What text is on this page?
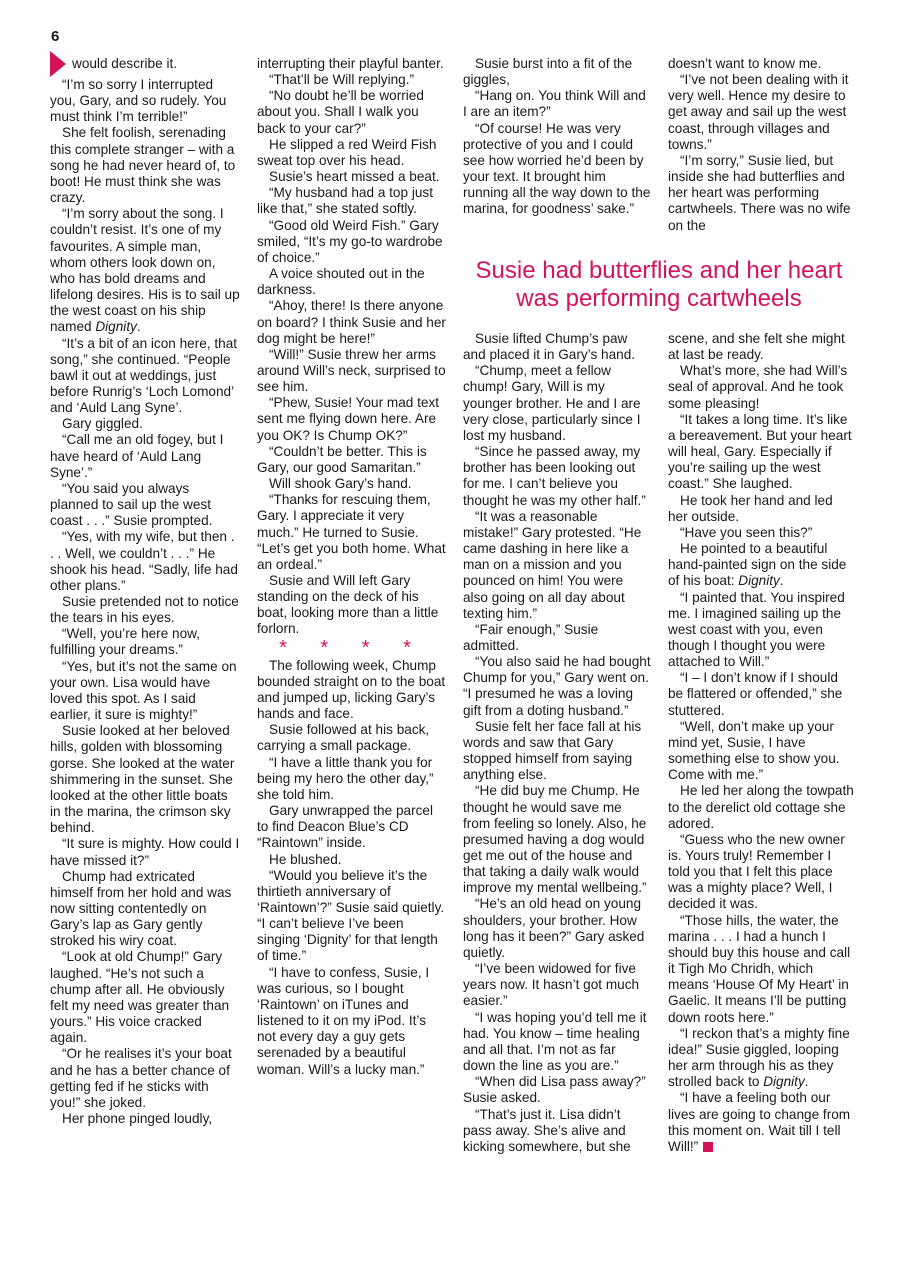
6

would describe it.

“I’m so sorry I interrupted you, Gary, and so rudely. You must think I’m terrible!”

She felt foolish, serenading this complete stranger – with a song he had never heard of, to boot! He must think she was crazy.

“I’m sorry about the song. I couldn’t resist. It’s one of my favourites. A simple man, whom others look down on, who has bold dreams and lifelong desires. His is to sail up the west coast on his ship named Dignity.

“It’s a bit of an icon here, that song,” she continued. “People bawl it out at weddings, just before Runrig’s ‘Loch Lomond’ and ‘Auld Lang Syne’.

Gary giggled.

“Call me an old fogey, but I have heard of ‘Auld Lang Syne’.”

“You said you always planned to sail up the west coast . . .” Susie prompted.

“Yes, with my wife, but then . . . Well, we couldn’t . . .” He shook his head. “Sadly, life had other plans.”

Susie pretended not to notice the tears in his eyes.

“Well, you’re here now, fulfilling your dreams.”

“Yes, but it’s not the same on your own. Lisa would have loved this spot. As I said earlier, it sure is mighty!”

Susie looked at her beloved hills, golden with blossoming gorse. She looked at the water shimmering in the sunset. She looked at the other little boats in the marina, the crimson sky behind.

“It sure is mighty. How could I have missed it?”

Chump had extricated himself from her hold and was now sitting contentedly on Gary’s lap as Gary gently stroked his wiry coat.

“Look at old Chump!” Gary laughed. “He’s not such a chump after all. He obviously felt my need was greater than yours.” His voice cracked again.

“Or he realises it’s your boat and he has a better chance of getting fed if he sticks with you!” she joked.

Her phone pinged loudly,

interrupting their playful banter.

“That’ll be Will replying.”

“No doubt he’ll be worried about you. Shall I walk you back to your car?”

He slipped a red Weird Fish sweat top over his head.

Susie’s heart missed a beat.

“My husband had a top just like that,” she stated softly.

“Good old Weird Fish.” Gary smiled, “It’s my go-to wardrobe of choice.”

A voice shouted out in the darkness.

“Ahoy, there! Is there anyone on board? I think Susie and her dog might be here!”

“Will!” Susie threw her arms around Will’s neck, surprised to see him.

“Phew, Susie! Your mad text sent me flying down here. Are you OK? Is Chump OK?”

“Couldn’t be better. This is Gary, our good Samaritan.”

Will shook Gary’s hand.

“Thanks for rescuing them, Gary. I appreciate it very much.” He turned to Susie. “Let’s get you both home. What an ordeal.”

Susie and Will left Gary standing on the deck of his boat, looking more than a little forlorn.

* * * *

The following week, Chump bounded straight on to the boat and jumped up, licking Gary’s hands and face.

Susie followed at his back, carrying a small package.

“I have a little thank you for being my hero the other day,” she told him.

Gary unwrapped the parcel to find Deacon Blue’s CD “Raintown” inside.

He blushed.

“Would you believe it’s the thirtieth anniversary of ‘Raintown’?” Susie said quietly. “I can’t believe I’ve been singing ‘Dignity’ for that length of time.”

“I have to confess, Susie, I was curious, so I bought ‘Raintown’ on iTunes and listened to it on my iPod. It’s not every day a guy gets serenaded by a beautiful woman. Will’s a lucky man.”

Susie burst into a fit of the giggles,

“Hang on. You think Will and I are an item?”

“Of course! He was very protective of you and I could see how worried he’d been by your text. It brought him running all the way down to the marina, for goodness’ sake.”

doesn’t want to know me.

“I’ve not been dealing with it very well. Hence my desire to get away and sail up the west coast, through villages and towns.”

“I’m sorry,” Susie lied, but inside she had butterflies and her heart was performing cartwheels. There was no wife on the

Susie had butterflies and her heart was performing cartwheels

Susie lifted Chump’s paw and placed it in Gary’s hand.

“Chump, meet a fellow chump! Gary, Will is my younger brother. He and I are very close, particularly since I lost my husband.

“Since he passed away, my brother has been looking out for me. I can’t believe you thought he was my other half.”

“It was a reasonable mistake!” Gary protested. “He came dashing in here like a man on a mission and you pounced on him! You were also going on all day about texting him.”

“Fair enough,” Susie admitted.

“You also said he had bought Chump for you,” Gary went on. “I presumed he was a loving gift from a doting husband.”

Susie felt her face fall at his words and saw that Gary stopped himself from saying anything else.

“He did buy me Chump. He thought he would save me from feeling so lonely. Also, he presumed having a dog would get me out of the house and that taking a daily walk would improve my mental wellbeing.”

“He’s an old head on young shoulders, your brother. How long has it been?” Gary asked quietly.

“I’ve been widowed for five years now. It hasn’t got much easier.”

“I was hoping you’d tell me it had. You know – time healing and all that. I’m not as far down the line as you are.”

“When did Lisa pass away?” Susie asked.

“That’s just it. Lisa didn’t pass away. She’s alive and kicking somewhere, but she

scene, and she felt she might at last be ready.

What’s more, she had Will’s seal of approval. And he took some pleasing!

“It takes a long time. It’s like a bereavement. But your heart will heal, Gary. Especially if you’re sailing up the west coast.” She laughed.

He took her hand and led her outside.

“Have you seen this?”

He pointed to a beautiful hand-painted sign on the side of his boat: Dignity.

“I painted that. You inspired me. I imagined sailing up the west coast with you, even though I thought you were attached to Will.”

“I – I don’t know if I should be flattered or offended,” she stuttered.

“Well, don’t make up your mind yet, Susie, I have something else to show you. Come with me.”

He led her along the towpath to the derelict old cottage she adored.

“Guess who the new owner is. Yours truly! Remember I told you that I felt this place was a mighty place? Well, I decided it was.

“Those hills, the water, the marina . . . I had a hunch I should buy this house and call it Tigh Mo Chridh, which means ‘House Of My Heart’ in Gaelic. It means I’ll be putting down roots here.”

“I reckon that’s a mighty fine idea!” Susie giggled, looping her arm through his as they strolled back to Dignity.

“I have a feeling both our lives are going to change from this moment on. Wait till I tell Will!”
